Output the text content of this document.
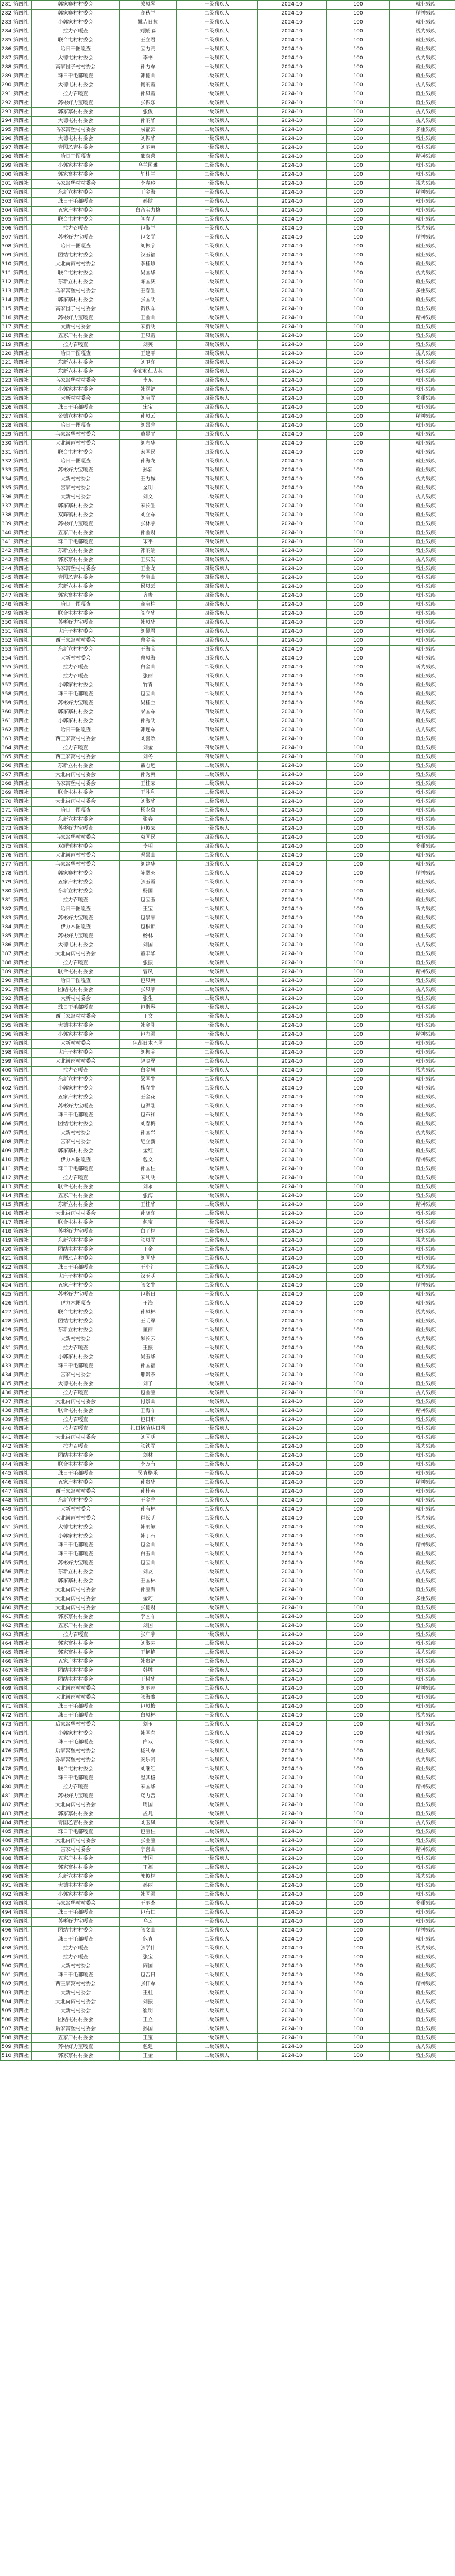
281	第四社	郭家寨村村委会	关凤琴	一级残疾人	2024-10	100	就业残疾
282	第四社	郭家寨村村委会	高秋兰	二级残疾人	2024-10	100	精神残疾
283	第四社	小郭家村村委会	姚吉日拉	一级残疾人	2024-10	100	就业残疾
284	第四社	拉力召嘎查	刘振 森	二级残疾人	2024-10	100	视力残疾
285	第四社	联合屯村村委会	王立君	二级残疾人	2024-10	100	就业残疾
286	第四社	哈日干图嘎查	宝力高	一级残疾人	2024-10	100	就业残疾
287	第四社	大德屯村村委会	李书	一级残疾人	2024-10	100	视力残疾
288	第四社	高家围子村村委会	孙力军	一级残疾人	2024-10	100	就业残疾
289	第四社	珠日干毛都嘎查	韩德山	二级残疾人	2024-10	100	就业残疾
290	第四社	大德屯村村委会	何丽霞	二级残疾人	2024-10	100	视力残疾
291	第四社	拉力召嘎查	孙凤霞	一级残疾人	2024-10	100	就业残疾
292	第四社	苏彬好力宝嘎查	张振东	二级残疾人	2024-10	100	就业残疾
293	第四社	郭家寨村村委会	张俊	一级残疾人	2024-10	100	视力残疾
294	第四社	大德屯村村委会	孙丽华	一级残疾人	2024-10	100	视力残疾
295	第四社	乌家窝堡村村委会	成福云	二级残疾人	2024-10	100	多重残疾
296	第四社	大德屯村村委会	刘振华	一级残疾人	2024-10	100	就业残疾
297	第四社	青图乙吉村委会	刘丽英	一级残疾人	2024-10	100	就业残疾
298	第四社	哈日干图嘎查	邵双喜	一级残疾人	2024-10	100	精神残疾
299	第四社	小郭家村村委会	乌兰图雅	二级残疾人	2024-10	100	就业残疾
300	第四社	郭家寨村村委会	毕桂兰	二级残疾人	2024-10	100	就业残疾
301	第四社	乌家窝堡村村委会	李春玲	一级残疾人	2024-10	100	视力残疾
302	第四社	东新立村村委会	于金海	一级残疾人	2024-10	100	精神残疾
303	第四社	珠日干毛都嘎查	孙健	一级残疾人	2024-10	100	就业残疾
304	第四社	五家户村村委会	白音宝力格	一级残疾人	2024-10	100	就业残疾
305	第四社	联合屯村村委会	闫春明	二级残疾人	2024-10	100	就业残疾
306	第四社	拉力召嘎查	包淑兰	一级残疾人	2024-10	100	视力残疾
307	第四社	苏彬好力宝嘎查	包文学	一级残疾人	2024-10	100	精神残疾
308	第四社	哈日干图嘎查	刘振宇	二级残疾人	2024-10	100	就业残疾
309	第四社	团结屯村村委会	汉玉福	二级残疾人	2024-10	100	就业残疾
310	第四社	大北尚雨村村委会	李桂珍	二级残疾人	2024-10	100	就业残疾
311	第四社	联合屯村村委会	吴国华	一级残疾人	2024-10	100	视力残疾
312	第四社	东新立村村委会	陈国庆	二级残疾人	2024-10	100	就业残疾
313	第四社	乌家窝堡村村委会	王春生	二级残疾人	2024-10	100	多重残疾
314	第四社	郭家寨村村委会	张国明	一级残疾人	2024-10	100	就业残疾
315	第四社	高家围子村村委会	贺铁军	二级残疾人	2024-10	100	就业残疾
316	第四社	苏彬好力宝嘎查	王金山	二级残疾人	2024-10	100	精神残疾
317	第四社	大新村村委会	宋新明	四级残疾人	2024-10	100	就业残疾
318	第四社	五家户村村委会	王凤霞	四级残疾人	2024-10	100	就业残疾
319	第四社	拉力召嘎查	刘英	四级残疾人	2024-10	100	就业残疾
320	第四社	哈日干图嘎查	王建平	四级残疾人	2024-10	100	视力残疾
321	第四社	东新立村村委会	刘卫东	四级残疾人	2024-10	100	就业残疾
322	第四社	东新立村村委会	金布和仁古拉	四级残疾人	2024-10	100	就业残疾
323	第四社	乌家窝堡村村委会	李东	四级残疾人	2024-10	100	就业残疾
324	第四社	小郭家村村委会	韩满福	四级残疾人	2024-10	100	就业残疾
325	第四社	大新村村委会	刘宝军	四级残疾人	2024-10	100	多重残疾
326	第四社	珠日干毛都嘎查	宋宝	四级残疾人	2024-10	100	就业残疾
327	第四社	公德立村村委会	孙凤云	四级残疾人	2024-10	100	精神残疾
328	第四社	哈日干图嘎查	刘景亮	四级残疾人	2024-10	100	就业残疾
329	第四社	乌家窝堡村村委会	董显平	四级残疾人	2024-10	100	就业残疾
330	第四社	大北尚雨村村委会	刘志华	四级残疾人	2024-10	100	就业残疾
331	第四社	联合屯村村委会	宋国民	四级残疾人	2024-10	100	就业残疾
332	第四社	哈日干图嘎查	孙海龙	四级残疾人	2024-10	100	就业残疾
333	第四社	苏彬好力宝嘎查	孙新	四级残疾人	2024-10	100	就业残疾
334	第四社	大新村村委会	王力城	四级残疾人	2024-10	100	视力残疾
335	第四社	宫家村村委会	金明	四级残疾人	2024-10	100	就业残疾
336	第四社	大新村村委会	刘文	二级残疾人	2024-10	100	视力残疾
337	第四社	郭家寨村村委会	宋长生	四级残疾人	2024-10	100	就业残疾
338	第四社	双辉镇村村委会	刘立军	四级残疾人	2024-10	100	就业残疾
339	第四社	苏彬好力宝嘎查	张林学	四级残疾人	2024-10	100	就业残疾
340	第四社	五家户村村委会	孙金财	四级残疾人	2024-10	100	就业残疾
341	第四社	珠日干毛都嘎查	宋平	四级残疾人	2024-10	100	就业残疾
342	第四社	东新立村村委会	韩丽娟	四级残疾人	2024-10	100	就业残疾
343	第四社	郭家寨村村委会	王庆发	四级残疾人	2024-10	100	视力残疾
344	第四社	乌家窝堡村村委会	王金龙	四级残疾人	2024-10	100	就业残疾
345	第四社	青图乙吉村委会	李宝山	四级残疾人	2024-10	100	就业残疾
346	第四社	东新立村村委会	侯凤云	四级残疾人	2024-10	100	就业残疾
347	第四社	郭家寨村村委会	齐贵	四级残疾人	2024-10	100	就业残疾
348	第四社	哈日干图嘎查	商宝柱	四级残疾人	2024-10	100	就业残疾
349	第四社	联合屯村村委会	阎立华	四级残疾人	2024-10	100	就业残疾
350	第四社	苏彬好力宝嘎查	韩凤华	四级残疾人	2024-10	100	就业残疾
351	第四社	大庄子村村委会	刘佩君	四级残疾人	2024-10	100	就业残疾
352	第四社	西王家窝村村委会	曹金宝	四级残疾人	2024-10	100	就业残疾
353	第四社	东新立村村委会	王海宝	四级残疾人	2024-10	100	就业残疾
354	第四社	大新村村委会	曹凤海	四级残疾人	2024-10	100	就业残疾
355	第四社	拉力召嘎查	白金山	二级残疾人	2024-10	100	听力残疾
356	第四社	拉力召嘎查	张丽	四级残疾人	2024-10	100	就业残疾
357	第四社	小郭家村村委会	竹青	四级残疾人	2024-10	100	就业残疾
358	第四社	珠日干毛都嘎查	包宝山	二级残疾人	2024-10	100	就业残疾
359	第四社	苏彬好力宝嘎查	吴桂兰	四级残疾人	2024-10	100	就业残疾
360	第四社	郭家寨村村委会	梁国军	四级残疾人	2024-10	100	听力残疾
361	第四社	小郭家村村委会	孙秀明	二级残疾人	2024-10	100	就业残疾
362	第四社	哈日干图嘎查	韩连军	四级残疾人	2024-10	100	视力残疾
363	第四社	西王家窝村村委会	刘喜政	二级残疾人	2024-10	100	就业残疾
364	第四社	拉力召嘎查	刘金	四级残疾人	2024-10	100	就业残疾
365	第四社	西王家窝村村委会	刘冬	四级残疾人	2024-10	100	就业残疾
366	第四社	东新立村村委会	戴志远	二级残疾人	2024-10	100	就业残疾
367	第四社	大北尚雨村村委会	孙秀英	二级残疾人	2024-10	100	就业残疾
368	第四社	乌家窝堡村村委会	王桂荣	二级残疾人	2024-10	100	就业残疾
369	第四社	联合屯村村委会	王胜利	二级残疾人	2024-10	100	就业残疾
370	第四社	大北尚雨村村委会	刘淑华	二级残疾人	2024-10	100	就业残疾
371	第四社	哈日干图嘎查	杨永泉	二级残疾人	2024-10	100	就业残疾
372	第四社	东新立村村委会	张春	二级残疾人	2024-10	100	就业残疾
373	第四社	苏彬好力宝嘎查	包俊荣	一级残疾人	2024-10	100	就业残疾
374	第四社	乌家窝堡村村委会	袁国民	四级残疾人	2024-10	100	就业残疾
375	第四社	双辉镇村村委会	李明	四级残疾人	2024-10	100	多重残疾
376	第四社	大北尚雨村村委会	冯景山	二级残疾人	2024-10	100	就业残疾
377	第四社	乌家窝堡村村委会	刘建华	四级残疾人	2024-10	100	就业残疾
378	第四社	郭家寨村村委会	陈翠英	二级残疾人	2024-10	100	精神残疾
379	第四社	五家户村村委会	张玉霞	二级残疾人	2024-10	100	就业残疾
380	第四社	东新立村村委会	杨国	二级残疾人	2024-10	100	就业残疾
381	第四社	拉力召嘎查	包宝玉	一级残疾人	2024-10	100	就业残疾
382	第四社	哈日干图嘎查	王宝	二级残疾人	2024-10	100	听力残疾
383	第四社	苏彬好力宝嘎查	包景荣	二级残疾人	2024-10	100	就业残疾
384	第四社	伊力木图嘎查	包根锁	二级残疾人	2024-10	100	就业残疾
385	第四社	苏彬好力宝嘎查	杨林	一级残疾人	2024-10	100	就业残疾
386	第四社	大德屯村村委会	刘国	二级残疾人	2024-10	100	视力残疾
387	第四社	大北尚雨村村委会	董丰华	二级残疾人	2024-10	100	就业残疾
388	第四社	拉力召嘎查	张振	二级残疾人	2024-10	100	就业残疾
389	第四社	联合屯村村委会	曹凤	一级残疾人	2024-10	100	精神残疾
390	第四社	哈日干图嘎查	包凤英	二级残疾人	2024-10	100	就业残疾
391	第四社	团结屯村村委会	张凤宇	二级残疾人	2024-10	100	视力残疾
392	第四社	大新村村委会	张生	二级残疾人	2024-10	100	就业残疾
393	第四社	珠日干毛都嘎查	包斯琴	一级残疾人	2024-10	100	就业残疾
394	第四社	西王家窝村村委会	王文	一级残疾人	2024-10	100	就业残疾
395	第四社	大德屯村村委会	韩金刚	一级残疾人	2024-10	100	就业残疾
396	第四社	小郭家村村委会	包志强	一级残疾人	2024-10	100	精神残疾
397	第四社	大新村村委会	包都日木巴图	一级残疾人	2024-10	100	就业残疾
398	第四社	大庄子村村委会	刘振宇	二级残疾人	2024-10	100	就业残疾
399	第四社	大北尚雨村村委会	赵晓军	二级残疾人	2024-10	100	就业残疾
400	第四社	拉力召嘎查	白金凤	一级残疾人	2024-10	100	视力残疾
401	第四社	东新立村村委会	梁国生	二级残疾人	2024-10	100	就业残疾
402	第四社	小郭家村村委会	魏春生	二级残疾人	2024-10	100	就业残疾
403	第四社	五家户村村委会	王金花	二级残疾人	2024-10	100	就业残疾
404	第四社	苏彬好力宝嘎查	包洪刚	二级残疾人	2024-10	100	就业残疾
405	第四社	珠日干毛都嘎查	包布和	一级残疾人	2024-10	100	就业残疾
406	第四社	团结屯村村委会	刘春梅	二级残疾人	2024-10	100	就业残疾
407	第四社	大新村村委会	孙国兴	二级残疾人	2024-10	100	视力残疾
408	第四社	宫家村村委会	纪立新	二级残疾人	2024-10	100	就业残疾
409	第四社	郭家寨村村委会	金红	二级残疾人	2024-10	100	就业残疾
410	第四社	伊力木图嘎查	包文	一级残疾人	2024-10	100	精神残疾
411	第四社	珠日干毛都嘎查	孙国柱	二级残疾人	2024-10	100	就业残疾
412	第四社	拉力召嘎查	宋利明	二级残疾人	2024-10	100	就业残疾
413	第四社	联合屯村村委会	刘永	二级残疾人	2024-10	100	就业残疾
414	第四社	五家户村村委会	张海	一级残疾人	2024-10	100	就业残疾
415	第四社	东新立村村委会	王桂华	二级残疾人	2024-10	100	精神残疾
416	第四社	大北尚雨村村委会	孙晓东	二级残疾人	2024-10	100	就业残疾
417	第四社	联合屯村村委会	包宝	一级残疾人	2024-10	100	就业残疾
418	第四社	苏彬好力宝嘎查	白子林	二级残疾人	2024-10	100	就业残疾
419	第四社	东新立村村委会	张凤军	二级残疾人	2024-10	100	视力残疾
420	第四社	团结屯村村委会	王金	二级残疾人	2024-10	100	就业残疾
421	第四社	青图乙吉村委会	刘国华	二级残疾人	2024-10	100	就业残疾
422	第四社	珠日干毛都嘎查	王小红	二级残疾人	2024-10	100	视力残疾
423	第四社	大庄子村村委会	汉玉明	二级残疾人	2024-10	100	就业残疾
424	第四社	五家户村村委会	张文生	二级残疾人	2024-10	100	精神残疾
425	第四社	苏彬好力宝嘎查	包斯日	一级残疾人	2024-10	100	就业残疾
426	第四社	伊力木图嘎查	王海	二级残疾人	2024-10	100	就业残疾
427	第四社	联合屯村村委会	孙凤林	一级残疾人	2024-10	100	视力残疾
428	第四社	团结屯村村委会	王明军	二级残疾人	2024-10	100	就业残疾
429	第四社	东新立村村委会	董丽	二级残疾人	2024-10	100	就业残疾
430	第四社	大新村村委会	朱长云	二级残疾人	2024-10	100	视力残疾
431	第四社	拉力召嘎查	王振	一级残疾人	2024-10	100	就业残疾
432	第四社	小郭家村村委会	吴玉华	二级残疾人	2024-10	100	就业残疾
433	第四社	珠日干毛都嘎查	孙国福	二级残疾人	2024-10	100	就业残疾
434	第四社	宫家村村委会	邢贵杰	一级残疾人	2024-10	100	就业残疾
435	第四社	大德屯村村委会	刘子	二级残疾人	2024-10	100	就业残疾
436	第四社	拉力召嘎查	包金宝	二级残疾人	2024-10	100	视力残疾
437	第四社	大北尚雨村村委会	付景山	一级残疾人	2024-10	100	就业残疾
438	第四社	联合屯村村委会	王海军	二级残疾人	2024-10	100	精神残疾
439	第四社	拉力召嘎查	包日那	二级残疾人	2024-10	100	就业残疾
440	第四社	拉力召嘎查	扎日格哈达日嘎	一级残疾人	2024-10	100	就业残疾
441	第四社	大北尚雨村村委会	刘国明	二级残疾人	2024-10	100	就业残疾
442	第四社	拉力召嘎查	张铁军	二级残疾人	2024-10	100	视力残疾
443	第四社	团结屯村村委会	刘林	二级残疾人	2024-10	100	就业残疾
444	第四社	联合屯村村委会	李万有	二级残疾人	2024-10	100	就业残疾
445	第四社	珠日干毛都嘎查	吴青格乐	一级残疾人	2024-10	100	就业残疾
446	第四社	五家户村村委会	孙贵华	二级残疾人	2024-10	100	精神残疾
447	第四社	西王家窝村村委会	孙桂英	二级残疾人	2024-10	100	就业残疾
448	第四社	东新立村村委会	王金亮	二级残疾人	2024-10	100	就业残疾
449	第四社	大新村村委会	孙有林	二级残疾人	2024-10	100	就业残疾
450	第四社	大北尚雨村村委会	崔长明	二级残疾人	2024-10	100	视力残疾
451	第四社	大德屯村村委会	韩丽敏	二级残疾人	2024-10	100	就业残疾
452	第四社	小郭家村村委会	韩丁石	二级残疾人	2024-10	100	就业残疾
453	第四社	珠日干毛都嘎查	包金山	一级残疾人	2024-10	100	精神残疾
454	第四社	珠日干毛都嘎查	白玉山	二级残疾人	2024-10	100	就业残疾
455	第四社	苏彬好力宝嘎查	包宝山	二级残疾人	2024-10	100	就业残疾
456	第四社	东新立村村委会	刘友	二级残疾人	2024-10	100	视力残疾
457	第四社	郭家寨村村委会	王国林	二级残疾人	2024-10	100	就业残疾
458	第四社	大北尚雨村村委会	孙宝海	二级残疾人	2024-10	100	就业残疾
459	第四社	大北尚雨村村委会	金巧	二级残疾人	2024-10	100	多重残疾
460	第四社	大北尚雨村村委会	张德财	二级残疾人	2024-10	100	就业残疾
461	第四社	郭家寨村村委会	李国军	二级残疾人	2024-10	100	就业残疾
462	第四社	五家户村村委会	刘国	二级残疾人	2024-10	100	就业残疾
463	第四社	拉力召嘎查	张广宇	一级残疾人	2024-10	100	就业残疾
464	第四社	郭家寨村村委会	刘淑芬	二级残疾人	2024-10	100	就业残疾
465	第四社	郭家寨村村委会	王艳艳	二级残疾人	2024-10	100	视力残疾
466	第四社	五家户村村委会	韩贵福	二级残疾人	2024-10	100	就业残疾
467	第四社	团结屯村村委会	韩胜	一级残疾人	2024-10	100	就业残疾
468	第四社	团结屯村村委会	王树华	二级残疾人	2024-10	100	就业残疾
469	第四社	大北尚雨村村委会	刘丽萍	二级残疾人	2024-10	100	精神残疾
470	第四社	大北尚雨村村委会	张海鹰	二级残疾人	2024-10	100	就业残疾
471	第四社	珠日干毛都嘎查	包凤梅	二级残疾人	2024-10	100	就业残疾
472	第四社	珠日干毛都嘎查	白凤林	一级残疾人	2024-10	100	视力残疾
473	第四社	后家窝堡村村委会	刘玉	二级残疾人	2024-10	100	就业残疾
474	第四社	小郭家村村委会	韩国春	二级残疾人	2024-10	100	就业残疾
475	第四社	珠日干毛都嘎查	白双	二级残疾人	2024-10	100	就业残疾
476	第四社	后家窝堡村村委会	杨利军	一级残疾人	2024-10	100	就业残疾
477	第四社	孙家窝堡村村委会	安乐河	二级残疾人	2024-10	100	视力残疾
478	第四社	联合屯村村委会	刘继红	二级残疾人	2024-10	100	就业残疾
479	第四社	珠日干毛都嘎查	温其格	二级残疾人	2024-10	100	就业残疾
480	第四社	拉力召嘎查	宋国华	一级残疾人	2024-10	100	精神残疾
481	第四社	苏彬好力宝嘎查	乌力吉	二级残疾人	2024-10	100	就业残疾
482	第四社	大北尚雨村村委会	周国	二级残疾人	2024-10	100	就业残疾
483	第四社	郭家寨村村委会	孟凡	一级残疾人	2024-10	100	就业残疾
484	第四社	青图乙吉村委会	刘玉凤	二级残疾人	2024-10	100	视力残疾
485	第四社	珠日干毛都嘎查	包宝柱	二级残疾人	2024-10	100	就业残疾
486	第四社	大北尚雨村村委会	张金宝	二级残疾人	2024-10	100	就业残疾
487	第四社	宫家村村委会	宁喜山	二级残疾人	2024-10	100	精神残疾
488	第四社	五家户村村委会	李国	一级残疾人	2024-10	100	就业残疾
489	第四社	郭家寨村村委会	王福	二级残疾人	2024-10	100	就业残疾
490	第四社	东新立村村委会	郭俊林	二级残疾人	2024-10	100	视力残疾
491	第四社	大德屯村村委会	孙丽	二级残疾人	2024-10	100	就业残疾
492	第四社	小郭家村村委会	韩国强	二级残疾人	2024-10	100	就业残疾
493	第四社	乌家窝堡村村委会	王丽杰	二级残疾人	2024-10	100	多重残疾
494	第四社	珠日干毛都嘎查	包布仁	二级残疾人	2024-10	100	就业残疾
495	第四社	苏彬好力宝嘎查	乌云	一级残疾人	2024-10	100	就业残疾
496	第四社	团结屯村村委会	张文山	二级残疾人	2024-10	100	精神残疾
497	第四社	珠日干毛都嘎查	包青	二级残疾人	2024-10	100	就业残疾
498	第四社	拉力召嘎查	张学伟	二级残疾人	2024-10	100	视力残疾
499	第四社	拉力召嘎查	张宝	二级残疾人	2024-10	100	就业残疾
500	第四社	大新村村委会	阎国	一级残疾人	2024-10	100	就业残疾
501	第四社	珠日干毛都嘎查	包吉日	二级残疾人	2024-10	100	就业残疾
502	第四社	西王家窝村村委会	张伟军	二级残疾人	2024-10	100	精神残疾
503	第四社	大新村村委会	王柱	二级残疾人	2024-10	100	就业残疾
504	第四社	大北尚雨村村委会	刘振	一级残疾人	2024-10	100	视力残疾
505	第四社	大新村村委会	崔明	二级残疾人	2024-10	100	就业残疾
506	第四社	团结屯村村委会	王立	二级残疾人	2024-10	100	就业残疾
507	第四社	后家窝堡村村委会	孙国	二级残疾人	2024-10	100	就业残疾
508	第四社	五家户村村委会	王宝	一级残疾人	2024-10	100	就业残疾
509	第四社	苏彬好力宝嘎查	包建	二级残疾人	2024-10	100	视力残疾
510	第四社	郭家寨村村委会	王金	二级残疾人	2024-10	100	就业残疾
